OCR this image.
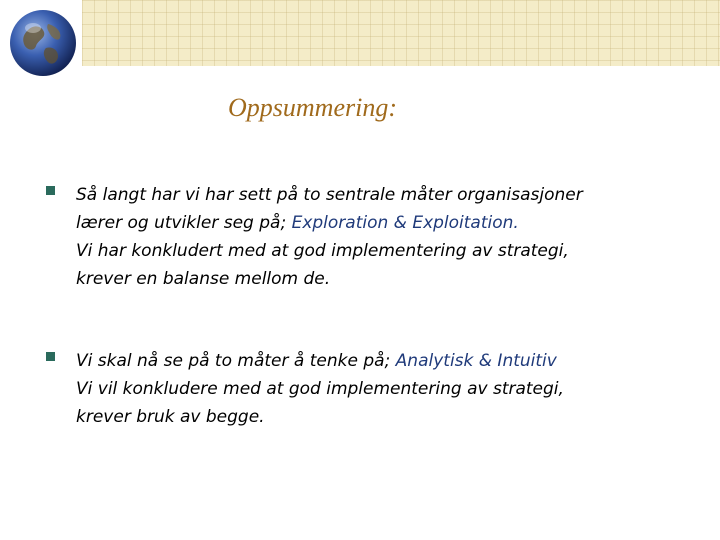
Oppsummering:
Så langt har vi har sett på to sentrale måter organisasjoner
lærer og utvikler seg på; Exploration & Exploitation.
Vi har konkludert med at god implementering av strategi,
krever en balanse mellom de.
Vi skal nå se på to måter å tenke på; Analytisk & Intuitiv
Vi vil konkludere med at god implementering av strategi,
krever bruk av begge.
